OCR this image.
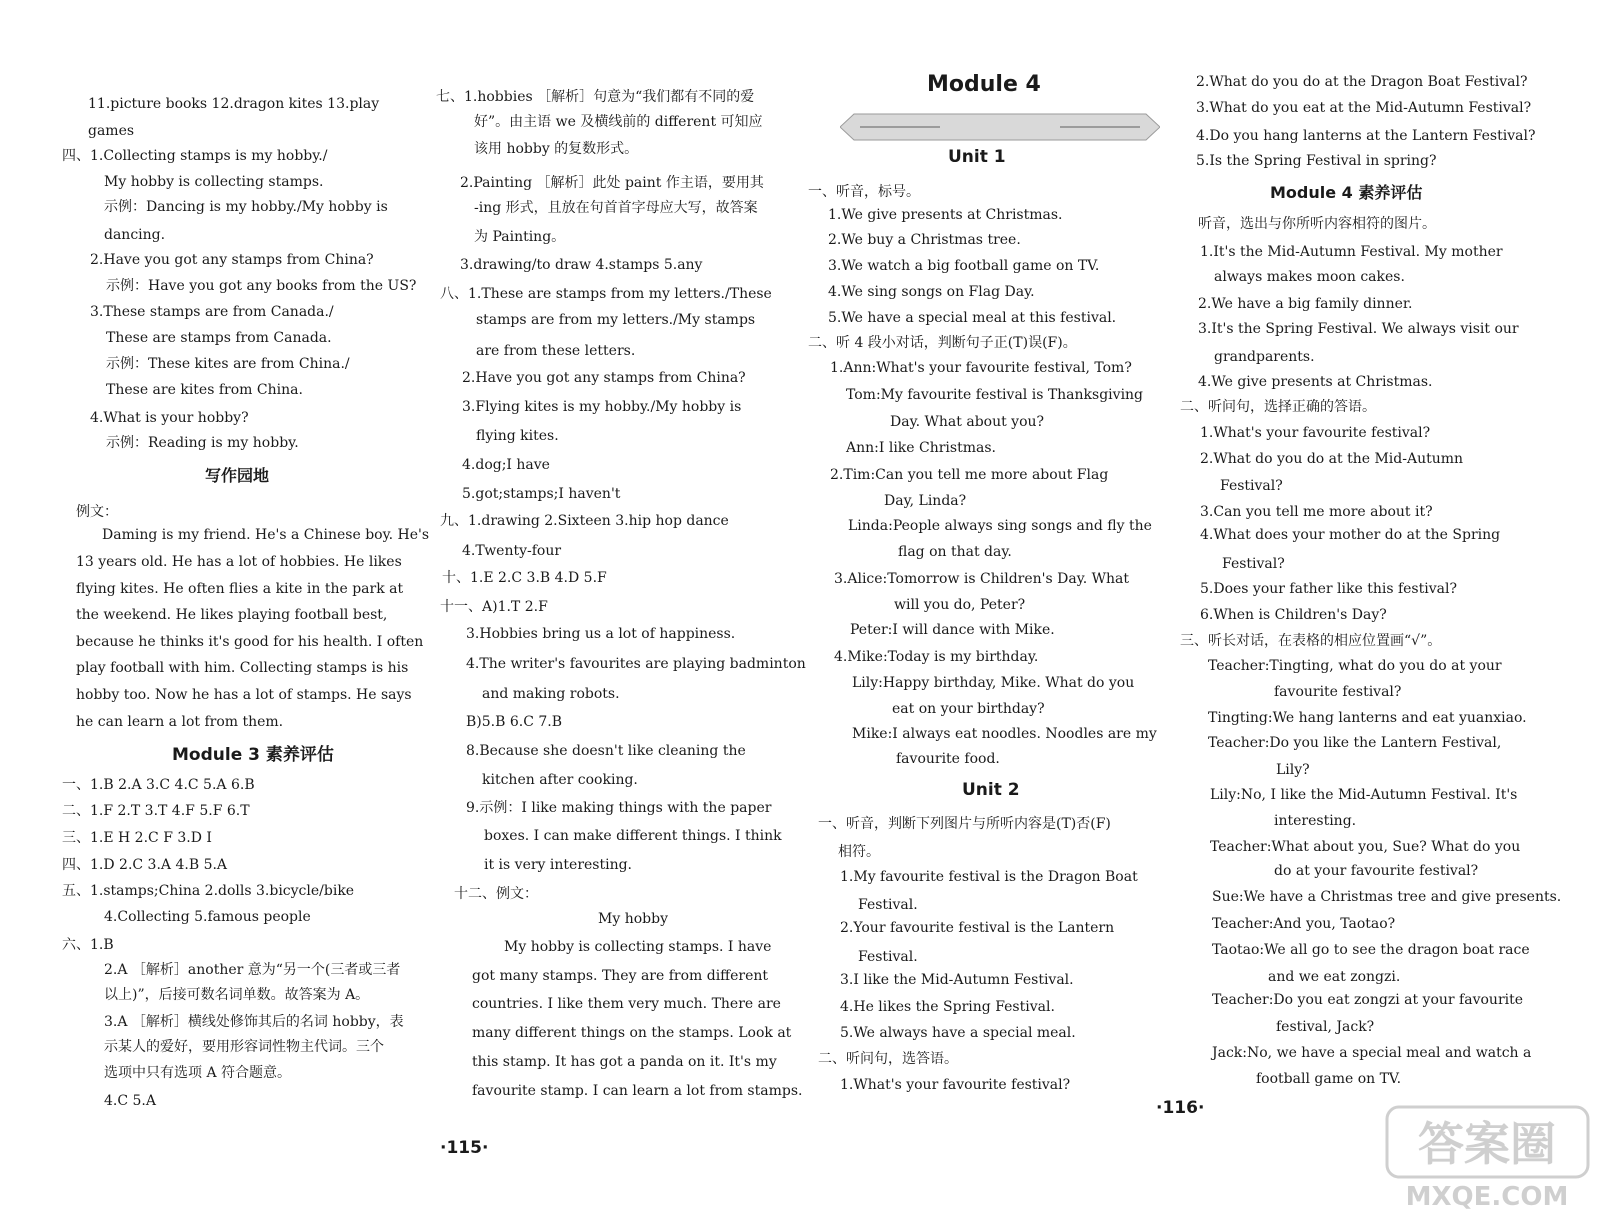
11.picture books 12.dragon kites 13.play
games
四、1.Collecting stamps is my hobby./
My hobby is collecting stamps.
示例：Dancing is my hobby./My hobby is
dancing.
2.Have you got any stamps from China?
示例：Have you got any books from the US?
3.These stamps are from Canada./
These are stamps from Canada.
示例：These kites are from China./
These are kites from China.
4.What is your hobby?
示例：Reading is my hobby.
写作园地
例文：
Daming is my friend. He's a Chinese boy. He's
13 years old. He has a lot of hobbies. He likes
flying kites. He often flies a kite in the park at
the weekend. He likes playing football best,
because he thinks it's good for his health. I often
play football with him. Collecting stamps is his
hobby too. Now he has a lot of stamps. He says
he can learn a lot from them.
Module 3 素养评估
一、1.B 2.A 3.C 4.C 5.A 6.B
二、1.F 2.T 3.T 4.F 5.F 6.T
三、1.E H 2.C F 3.D I
四、1.D 2.C 3.A 4.B 5.A
五、1.stamps;China 2.dolls 3.bicycle/bike
4.Collecting 5.famous people
六、1.B
2.A ［解析］another 意为“另一个(三者或三者
以上)”，后接可数名词单数。故答案为 A。
3.A ［解析］横线处修饰其后的名词 hobby，表
示某人的爱好，要用形容词性物主代词。三个
选项中只有选项 A 符合题意。
4.C 5.A
七、1.hobbies ［解析］句意为“我们都有不同的爱
好”。由主语 we 及横线前的 different 可知应
该用 hobby 的复数形式。
2.Painting ［解析］此处 paint 作主语，要用其
-ing 形式，且放在句首首字母应大写，故答案
为 Painting。
3.drawing/to draw 4.stamps 5.any
八、1.These are stamps from my letters./These
stamps are from my letters./My stamps
are from these letters.
2.Have you got any stamps from China?
3.Flying kites is my hobby./My hobby is
flying kites.
4.dog;I have
5.got;stamps;I haven't
九、1.drawing 2.Sixteen 3.hip hop dance
4.Twenty-four
十、1.E 2.C 3.B 4.D 5.F
十一、A)1.T 2.F
3.Hobbies bring us a lot of happiness.
4.The writer's favourites are playing badminton
and making robots.
B)5.B 6.C 7.B
8.Because she doesn't like cleaning the
kitchen after cooking.
9.示例：I like making things with the paper
boxes. I can make different things. I think
it is very interesting.
十二、例文：
My hobby
My hobby is collecting stamps. I have
got many stamps. They are from different
countries. I like them very much. There are
many different things on the stamps. Look at
this stamp. It has got a panda on it. It's my
favourite stamp. I can learn a lot from stamps.
Module 4
Unit 1
一、听音，标号。
1.We give presents at Christmas.
2.We buy a Christmas tree.
3.We watch a big football game on TV.
4.We sing songs on Flag Day.
5.We have a special meal at this festival.
二、听 4 段小对话，判断句子正(T)误(F)。
1.Ann:What's your favourite festival, Tom?
Tom:My favourite festival is Thanksgiving
Day. What about you?
Ann:I like Christmas.
2.Tim:Can you tell me more about Flag
Day, Linda?
Linda:People always sing songs and fly the
flag on that day.
3.Alice:Tomorrow is Children's Day. What
will you do, Peter?
Peter:I will dance with Mike.
4.Mike:Today is my birthday.
Lily:Happy birthday, Mike. What do you
eat on your birthday?
Mike:I always eat noodles. Noodles are my
favourite food.
Unit 2
一、听音，判断下列图片与所听内容是(T)否(F)
相符。
1.My favourite festival is the Dragon Boat
Festival.
2.Your favourite festival is the Lantern
Festival.
3.I like the Mid-Autumn Festival.
4.He likes the Spring Festival.
5.We always have a special meal.
二、听问句，选答语。
1.What's your favourite festival?
2.What do you do at the Dragon Boat Festival?
3.What do you eat at the Mid-Autumn Festival?
4.Do you hang lanterns at the Lantern Festival?
5.Is the Spring Festival in spring?
Module 4 素养评估
听音，选出与你所听内容相符的图片。
1.It's the Mid-Autumn Festival. My mother
always makes moon cakes.
2.We have a big family dinner.
3.It's the Spring Festival. We always visit our
grandparents.
4.We give presents at Christmas.
二、听问句，选择正确的答语。
1.What's your favourite festival?
2.What do you do at the Mid-Autumn
Festival?
3.Can you tell me more about it?
4.What does your mother do at the Spring
Festival?
5.Does your father like this festival?
6.When is Children's Day?
三、听长对话，在表格的相应位置画“√”。
Teacher:Tingting, what do you do at your
favourite festival?
Tingting:We hang lanterns and eat yuanxiao.
Teacher:Do you like the Lantern Festival,
Lily?
Lily:No, I like the Mid-Autumn Festival. It's
interesting.
Teacher:What about you, Sue? What do you
do at your favourite festival?
Sue:We have a Christmas tree and give presents.
Teacher:And you, Taotao?
Taotao:We all go to see the dragon boat race
and we eat zongzi.
Teacher:Do you eat zongzi at your favourite
festival, Jack?
Jack:No, we have a special meal and watch a
football game on TV.
·115·
·116·
答案圈
MXQE.COM
